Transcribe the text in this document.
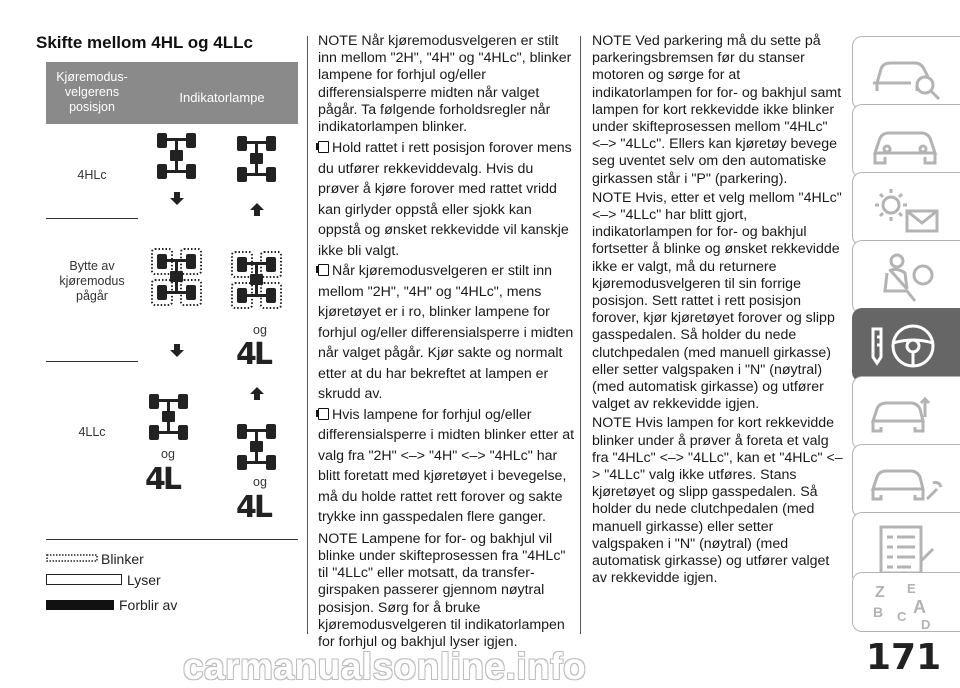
Skifte mellom 4HL og 4LLc
Kjøremodus-velgerens posisjon
Indikatorlampe
4HLc
Bytte av kjøremodus pågår
4LLc
og
4L
og
4L	og
4L
Blinker
Lyser
Forblir av

NOTE Når kjøremodusvelgeren er stilt inn mellom "2H", "4H" og "4HLc", blinker lampene for forhjul og/eller differensialsperre midten når valget pågår. Ta følgende forholdsregler når indikatorlampen blinker.

Hold rattet i rett posisjon forover mens du utfører rekkeviddevalg. Hvis du prøver å kjøre forover med rattet vridd kan girlyder oppstå eller sjokk kan oppstå og ønsket rekkevidde vil kanskje ikke bli valgt.

Når kjøremodusvelgeren er stilt inn mellom "2H", "4H" og "4HLc", mens kjøretøyet er i ro, blinker lampene for forhjul og/eller differensialsperre i midten når valget pågår. Kjør sakte og normalt etter at du har bekreftet at lampen er skrudd av.

Hvis lampene for forhjul og/eller differensialsperre i midten blinker etter at valg fra "2H" <–> "4H" <–> "4HLc" har blitt foretatt med kjøretøyet i bevegelse, må du holde rattet rett forover og sakte trykke inn gasspedalen flere ganger.

NOTE Lampene for for- og bakhjul vil blinke under skifteprosessen fra "4HLc" til "4LLc" eller motsatt, da transfer-girspaken passerer gjennom nøytral posisjon. Sørg for å bruke kjøremodusvelgeren til indikatorlampen for forhjul og bakhjul lyser igjen.

NOTE Ved parkering må du sette på parkeringsbremsen før du stanser motoren og sørge for at indikatorlampen for for- og bakhjul samt lampen for kort rekkevidde ikke blinker under skifteprosessen mellom "4HLc" <–> "4LLc". Ellers kan kjøretøy bevege seg uventet selv om den automatiske girkassen står i "P" (parkering).

NOTE Hvis, etter et velg mellom "4HLc" <–> "4LLc" har blitt gjort, indikatorlampen for for- og bakhjul fortsetter å blinke og ønsket rekkevidde ikke er valgt, må du returnere kjøremodusvelgeren til sin forrige posisjon. Sett rattet i rett posisjon forover, kjør kjøretøyet forover og slipp gasspedalen. Så holder du nede clutchpedalen (med manuell girkasse) eller setter valgspaken i "N" (nøytral) (med automatisk girkasse) og utfører valget av rekkevidde igjen.

NOTE Hvis lampen for kort rekkevidde blinker under å prøver å foreta et valg fra "4HLc" <–> "4LLc", kan et "4HLc" <–> "4LLc" valg ikke utføres. Stans kjøretøyet og slipp gasspedalen. Så holder du nede clutchpedalen (med manuell girkasse) eller setter valgspaken i "N" (nøytral) (med automatisk girkasse) og utfører valget av rekkevidde igjen.

Z E
B C A
D
171
carmanualsonline.info
